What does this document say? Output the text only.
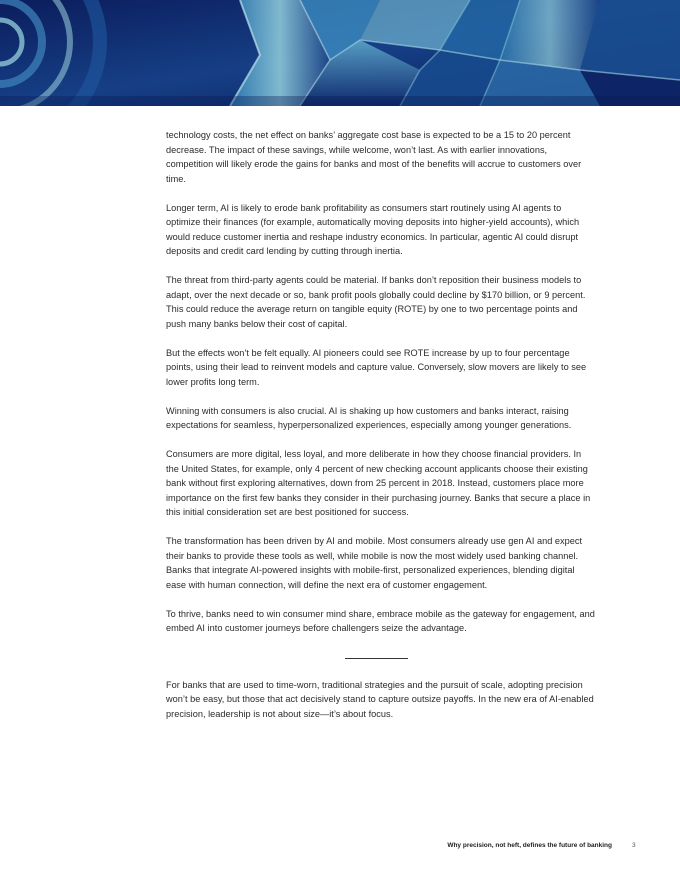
technology costs, the net effect on banks’ aggregate cost base is expected to be a 15 to 20 percent decrease. The impact of these savings, while welcome, won’t last. As with earlier innovations, competition will likely erode the gains for banks and most of the benefits will accrue to customers over time.

Longer term, AI is likely to erode bank profitability as consumers start routinely using AI agents to optimize their finances (for example, automatically moving deposits into higher-yield accounts), which would reduce customer inertia and reshape industry economics. In particular, agentic AI could disrupt deposits and credit card lending by cutting through inertia.

The threat from third-party agents could be material. If banks don’t reposition their business models to adapt, over the next decade or so, bank profit pools globally could decline by $170 billion, or 9 percent. This could reduce the average return on tangible equity (ROTE) by one to two percentage points and push many banks below their cost of capital.

But the effects won’t be felt equally. AI pioneers could see ROTE increase by up to four percentage points, using their lead to reinvent models and capture value. Conversely, slow movers are likely to see lower profits long term.

Winning with consumers is also crucial. AI is shaking up how customers and banks interact, raising expectations for seamless, hyperpersonalized experiences, especially among younger generations.

Consumers are more digital, less loyal, and more deliberate in how they choose financial providers. In the United States, for example, only 4 percent of new checking account applicants choose their existing bank without first exploring alternatives, down from 25 percent in 2018. Instead, customers place more importance on the first few banks they consider in their purchasing journey. Banks that secure a place in this initial consideration set are best positioned for success.

The transformation has been driven by AI and mobile. Most consumers already use gen AI and expect their banks to provide these tools as well, while mobile is now the most widely used banking channel. Banks that integrate AI-powered insights with mobile-first, personalized experiences, blending digital ease with human connection, will define the next era of customer engagement.

To thrive, banks need to win consumer mind share, embrace mobile as the gateway for engagement, and embed AI into customer journeys before challengers seize the advantage.

For banks that are used to time-worn, traditional strategies and the pursuit of scale, adopting precision won’t be easy, but those that act decisively stand to capture outsize payoffs. In the new era of AI-enabled precision, leadership is not about size—it’s about focus.

Why precision, not heft, defines the future of banking	3
